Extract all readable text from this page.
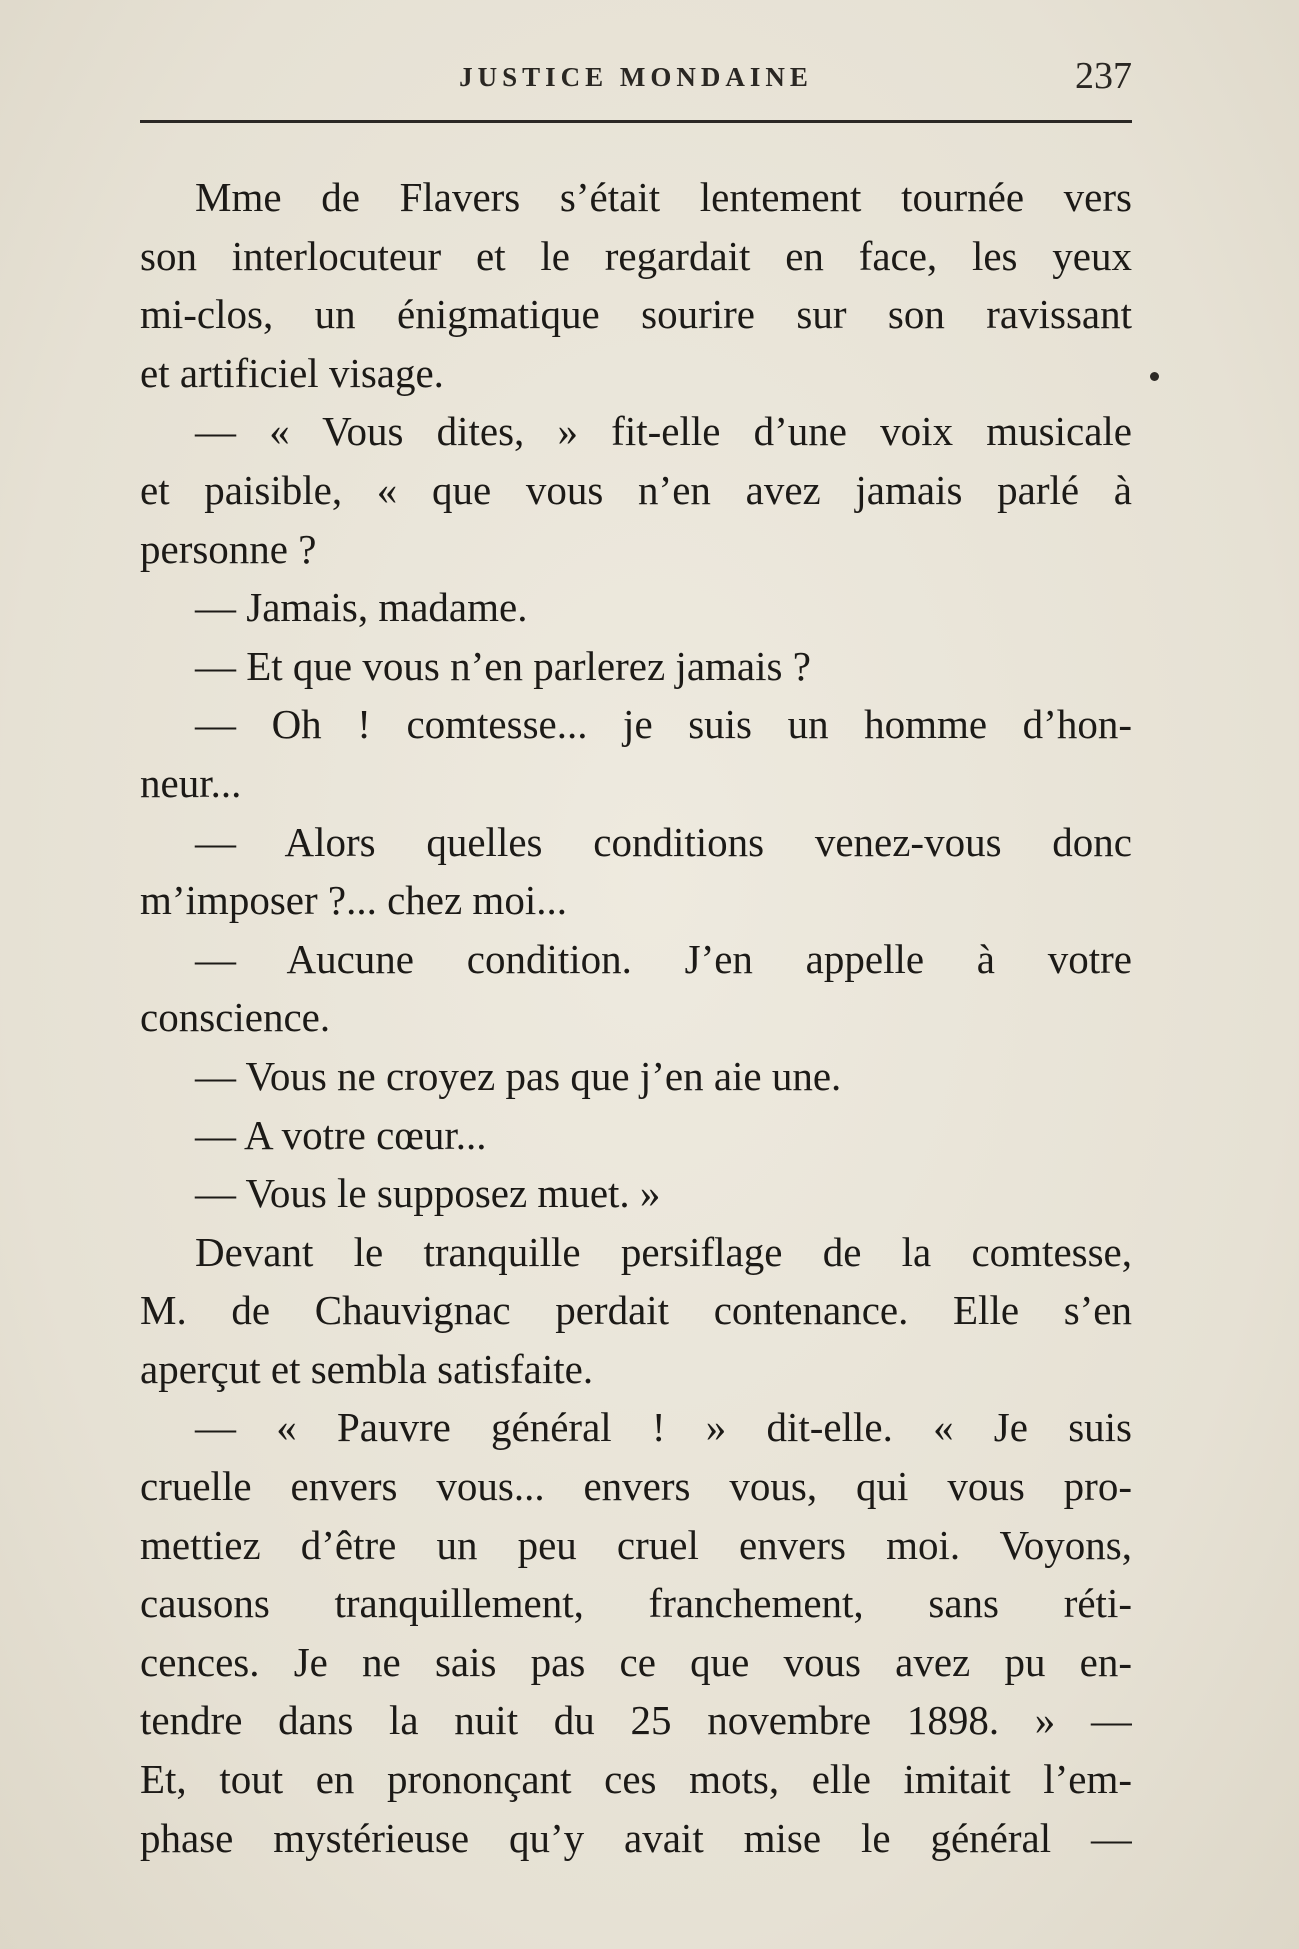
JUSTICE MONDAINE	237
Mme de Flavers s’était lentement tournée vers
son interlocuteur et le regardait en face, les yeux
mi-clos, un énigmatique sourire sur son ravissant
et artificiel visage.
— « Vous dites, » fit-elle d’une voix musicale
et paisible, « que vous n’en avez jamais parlé à
personne ?
— Jamais, madame.
— Et que vous n’en parlerez jamais ?
— Oh ! comtesse... je suis un homme d’hon-
neur...
— Alors quelles conditions venez-vous donc
m’imposer ?... chez moi...
— Aucune condition. J’en appelle à votre
conscience.
— Vous ne croyez pas que j’en aie une.
— A votre cœur...
— Vous le supposez muet. »
Devant le tranquille persiflage de la comtesse,
M. de Chauvignac perdait contenance. Elle s’en
aperçut et sembla satisfaite.
— « Pauvre général ! » dit-elle. « Je suis
cruelle envers vous... envers vous, qui vous pro-
mettiez d’être un peu cruel envers moi. Voyons,
causons tranquillement, franchement, sans réti-
cences. Je ne sais pas ce que vous avez pu en-
tendre dans la nuit du 25 novembre 1898. » —
Et, tout en prononçant ces mots, elle imitait l’em-
phase mystérieuse qu’y avait mise le général —
